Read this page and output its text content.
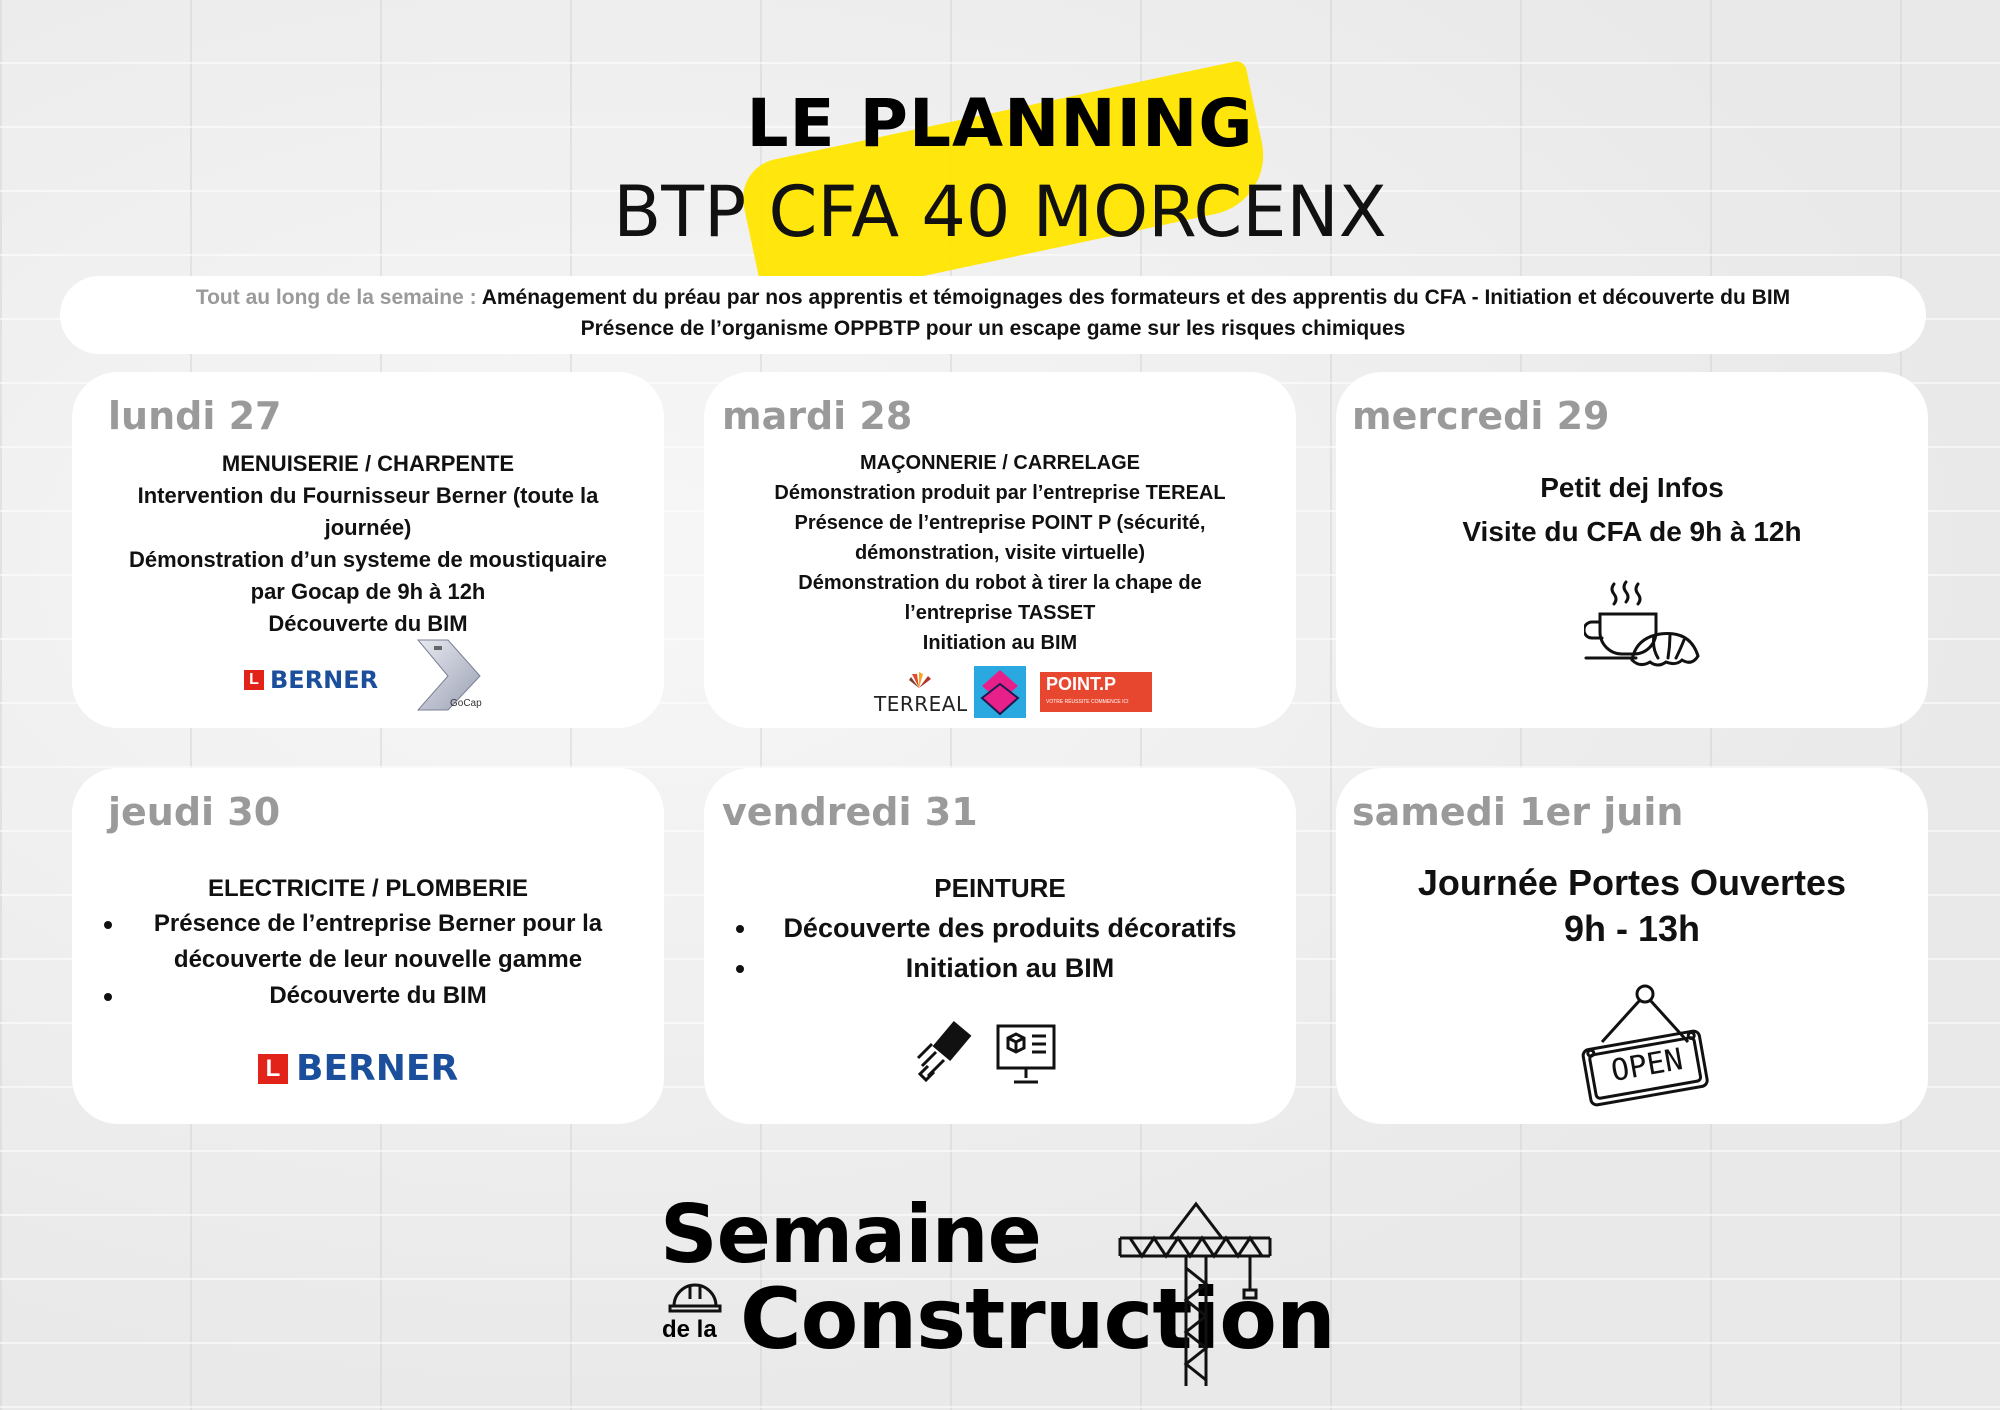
LE PLANNING
BTP CFA 40 MORCENX
Tout au long de la semaine : Aménagement du préau par nos apprentis et témoignages des formateurs et des apprentis du CFA - Initiation et découverte du BIM
Présence de l’organisme OPPBTP pour un escape game sur les risques chimiques
lundi 27
MENUISERIE / CHARPENTE
Intervention du Fournisseur Berner (toute la
journée)
Démonstration d’un systeme de moustiquaire
par Gocap de 9h à 12h
Découverte du BIM
L BERNER
GoCap
mardi 28
MAÇONNERIE / CARRELAGE
Démonstration produit par l’entreprise TEREAL
Présence de l’entreprise POINT P (sécurité,
démonstration, visite virtuelle)
Démonstration du robot à tirer la chape de
l’entreprise TASSET
Initiation au BIM
TERREAL
POINT.P
VOTRE RÉUSSITE COMMENCE ICI
mercredi 29
Petit dej Infos
Visite du CFA de 9h à 12h
jeudi 30
ELECTRICITE / PLOMBERIE
Présence de l’entreprise Berner pour la
découverte de leur nouvelle gamme
Découverte du BIM
L BERNER
vendredi 31
PEINTURE
Découverte des produits décoratifs
Initiation au BIM

samedi 1er juin
Journée Portes Ouvertes
9h - 13h
OPEN
Semaine
de la Construction
